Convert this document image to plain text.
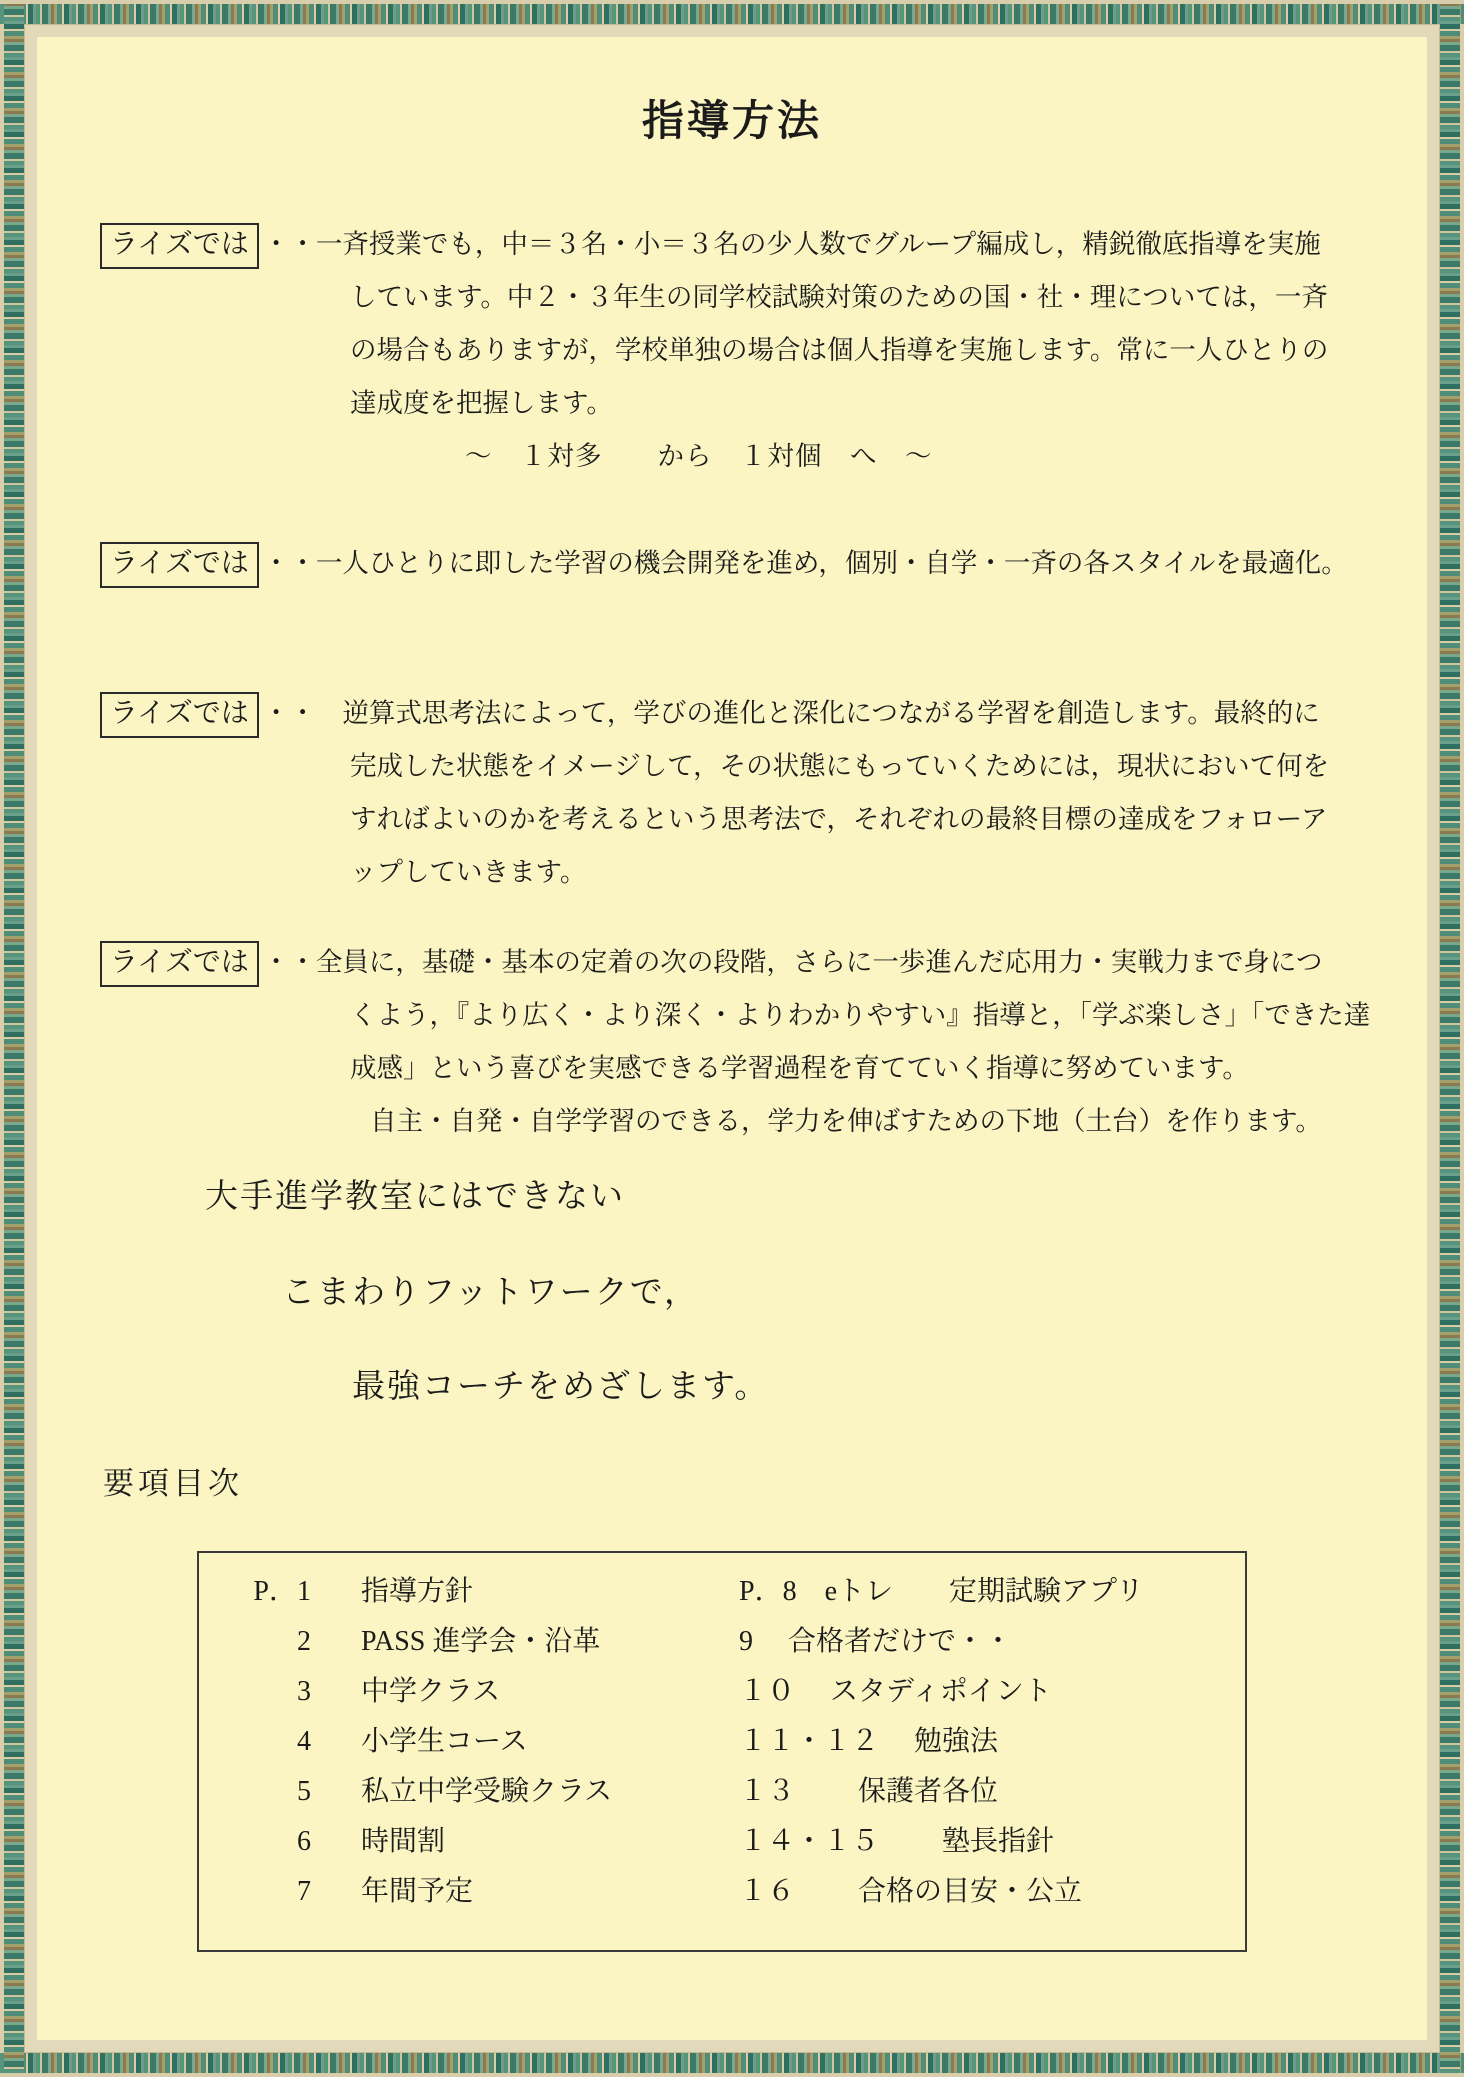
指導方法
ライズでは ・・一斉授業でも，中＝３名・小＝３名の少人数でグループ編成し，精鋭徹底指導を実施
しています。中２・３年生の同学校試験対策のための国・社・理については，一斉
の場合もありますが，学校単独の場合は個人指導を実施します。常に一人ひとりの
達成度を把握します。
～　１対多　　から　１対個　へ　～
ライズでは ・・一人ひとりに即した学習の機会開発を進め，個別・自学・一斉の各スタイルを最適化。
ライズでは ・・　逆算式思考法によって，学びの進化と深化につながる学習を創造します。最終的に
完成した状態をイメージして，その状態にもっていくためには，現状において何を
すればよいのかを考えるという思考法で，それぞれの最終目標の達成をフォローア
ップしていきます。
ライズでは ・・全員に，基礎・基本の定着の次の段階，さらに一歩進んだ応用力・実戦力まで身につ
くよう，『より広く・より深く・よりわかりやすい』指導と，「学ぶ楽しさ」「できた達
成感」という喜びを実感できる学習過程を育てていく指導に努めています。
自主・自発・自学学習のできる，学力を伸ばすための下地（土台）を作ります。
大手進学教室にはできない
こまわりフットワークで，
最強コーチをめざします。
要項目次
P．1 指導方針
2 PASS 進学会・沿革
3 中学クラス
4 小学生コース
5 私立中学受験クラス
6 時間割
7 年間予定
P．8　eトレ　　定期試験アプリ
9　 合格者だけで・・
１０　 スタディポイント
１１・１２　 勉強法
１３　　 保護者各位
１４・１５　　 塾長指針
１６　　 合格の目安・公立
